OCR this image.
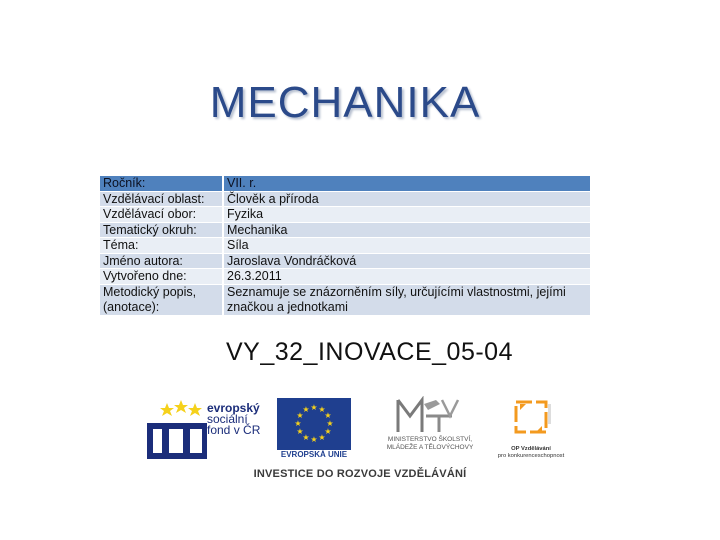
MECHANIKA
Ročník:	VII. r.
Vzdělávací oblast:	Člověk a příroda
Vzdělávací obor:	Fyzika
Tematický okruh:	Mechanika
Téma:	Síla
Jméno autora:	Jaroslava Vondráčková
Vytvořeno dne:	26.3.2011
Metodický popis, (anotace):	Seznamuje se znázorněním síly, určujícími vlastnostmi, jejími značkou a jednotkami
VY_32_INOVACE_05-04
evropský
sociální
fond v ČR
★ ★
★
★
★
★
★
★
★
★
★
★
EVROPSKÁ UNIE
MINISTERSTVO ŠKOLSTVÍ,
MLÁDEŽE A TĚLOVÝCHOVY	OP Vzdělávání
pro konkurenceschopnost
INVESTICE DO ROZVOJE VZDĚLÁVÁNÍ
